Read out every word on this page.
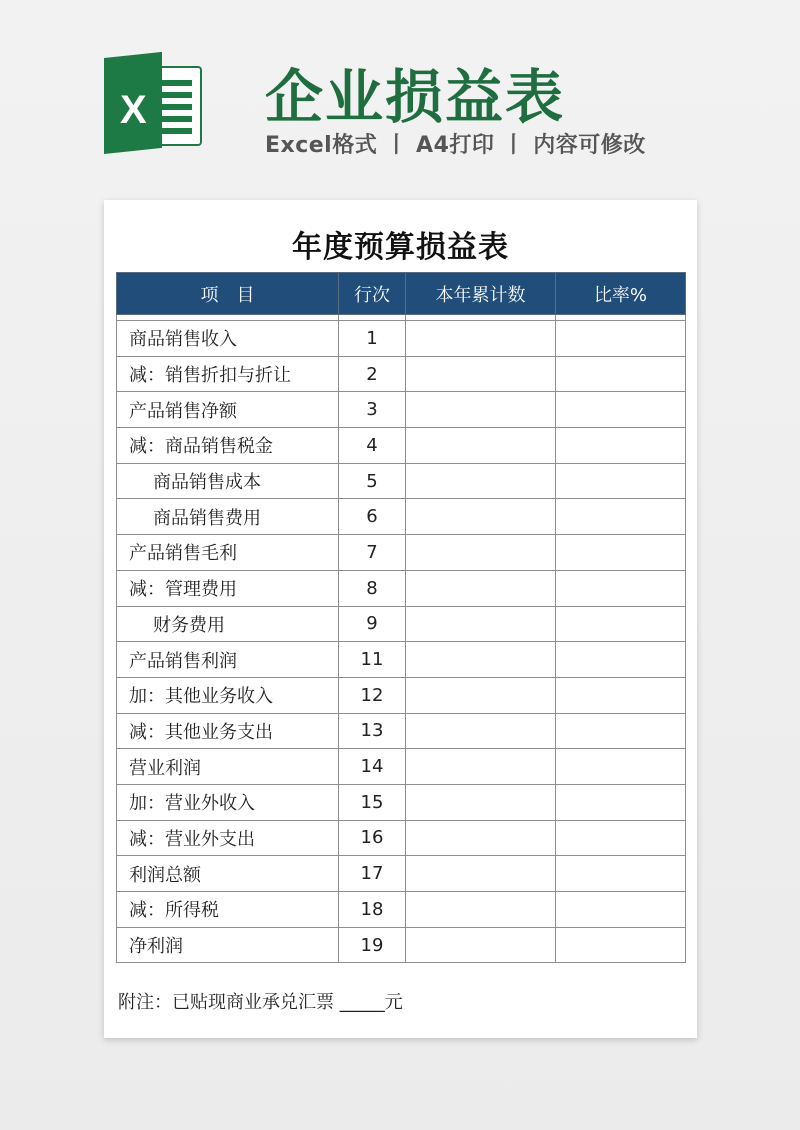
X 企业损益表
Excel格式 丨 A4打印 丨 内容可修改
年度预算损益表
项　目	行次	本年累计数	比率%

商品销售收入	1		
减：销售折扣与折让	2		
产品销售净额	3		
减：商品销售税金	4		
商品销售成本	5		
商品销售费用	6		
产品销售毛利	7		
减：管理费用	8		
财务费用	9		
产品销售利润	11		
加：其他业务收入	12		
减：其他业务支出	13		
营业利润	14		
加：营业外收入	15		
减：营业外支出	16		
利润总额	17		
减：所得税	18		
净利润	19		
附注：已贴现商业承兑汇票 _____元
